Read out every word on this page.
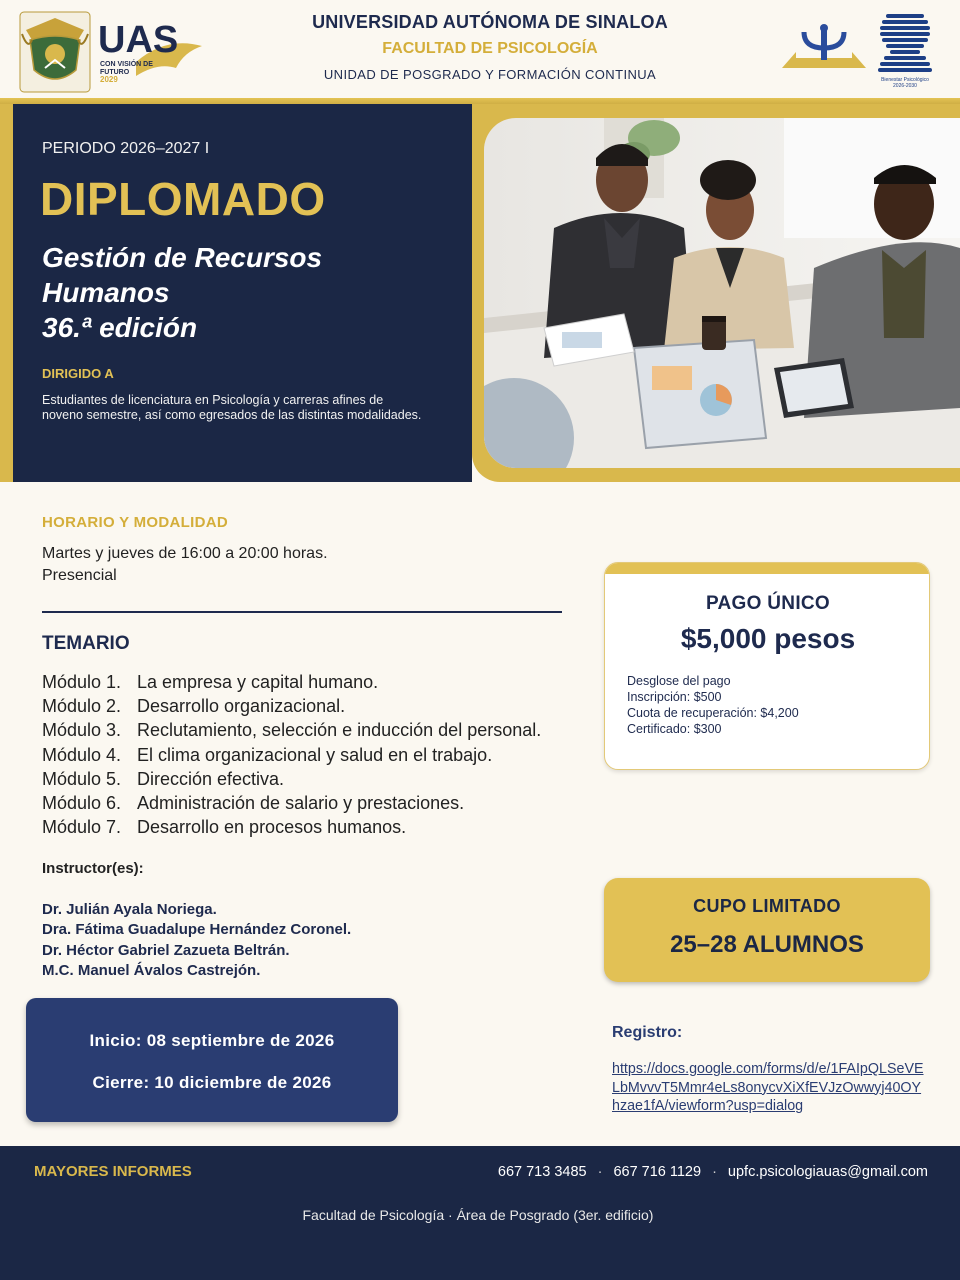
UAS
CON VISIÓN DE
FUTURO
2029
UNIVERSIDAD AUTÓNOMA DE SINALOA
FACULTAD DE PSICOLOGÍA
UNIDAD DE POSGRADO Y FORMACIÓN CONTINUA	Bienestar Psicológico
2026-2030
PERIODO 2026–2027 I
DIPLOMADO
Gestión de Recursos
Humanos
36.ª edición
DIRIGIDO A
Estudiantes de licenciatura en Psicología y carreras afines de
noveno semestre, así como egresados de las distintas modalidades.
HORARIO Y MODALIDAD
Martes y jueves de 16:00 a 20:00 horas.
Presencial
TEMARIO
Módulo 1. La empresa y capital humano.
Módulo 2. Desarrollo organizacional.
Módulo 3. Reclutamiento, selección e inducción del personal.
Módulo 4. El clima organizacional y salud en el trabajo.
Módulo 5. Dirección efectiva.
Módulo 6. Administración de salario y prestaciones.
Módulo 7. Desarrollo en procesos humanos.
Instructor(es):
Dr. Julián Ayala Noriega.
Dra. Fátima Guadalupe Hernández Coronel.
Dr. Héctor Gabriel Zazueta Beltrán.
M.C. Manuel Ávalos Castrejón.
Inicio: 08 septiembre de 2026
Cierre: 10 diciembre de 2026
PAGO ÚNICO
$5,000 pesos
Desglose del pago
Inscripción: $500
Cuota de recuperación: $4,200
Certificado: $300
CUPO LIMITADO
25–28 ALUMNOS
Registro:
https://docs.google.com/forms/d/e/1FAIpQLSeVE
LbMvvvT5Mmr4eLs8onycvXiXfEVJzOwwyj40OY
hzae1fA/viewform?usp=dialog
MAYORES INFORMES	667 713 3485 · 667 716 1129 · upfc.psicologiauas@gmail.com
Facultad de Psicología · Área de Posgrado (3er. edificio)
